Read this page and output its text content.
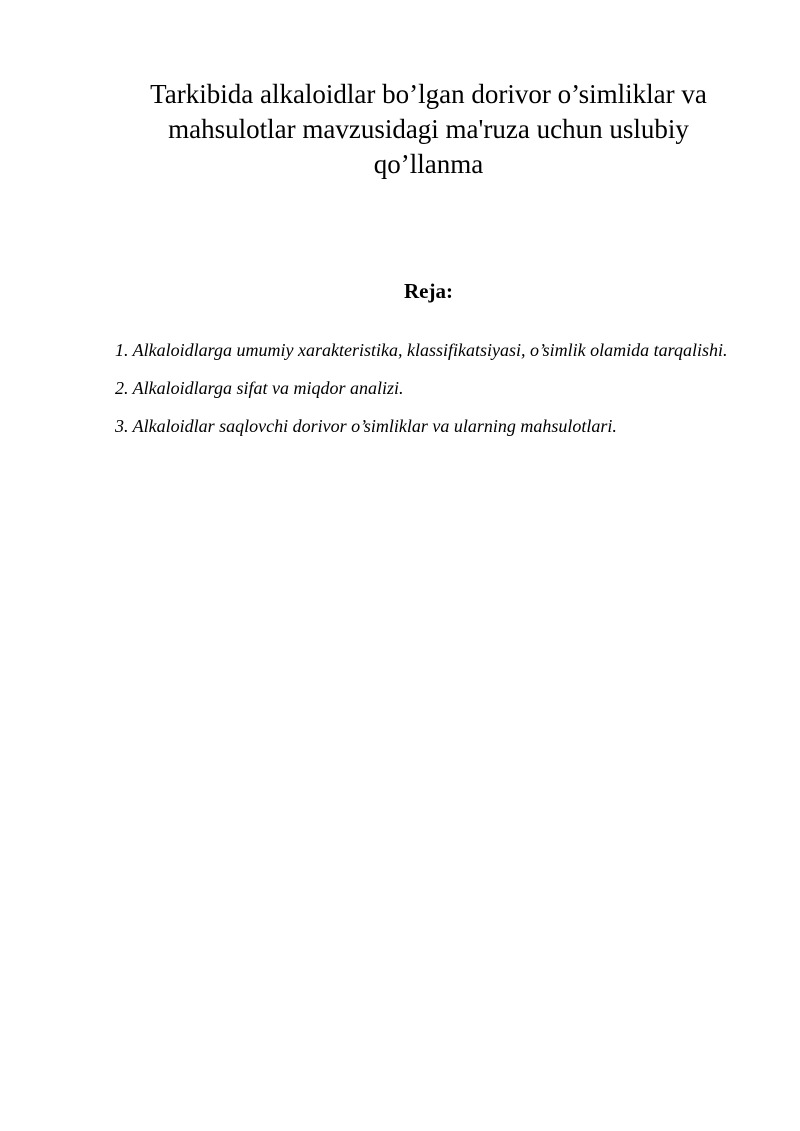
Tarkibida alkaloidlar bo’lgan dorivor o’simliklar va mahsulotlar mavzusidagi ma'ruza uchun uslubiy qo’llanma
Reja:
1. Alkaloidlarga umumiy xarakteristika, klassifikatsiyasi, o’simlik olamida tarqalishi.
2. Alkaloidlarga sifat va miqdor analizi.
3. Alkaloidlar saqlovchi dorivor o’simliklar va ularning mahsulotlari.
